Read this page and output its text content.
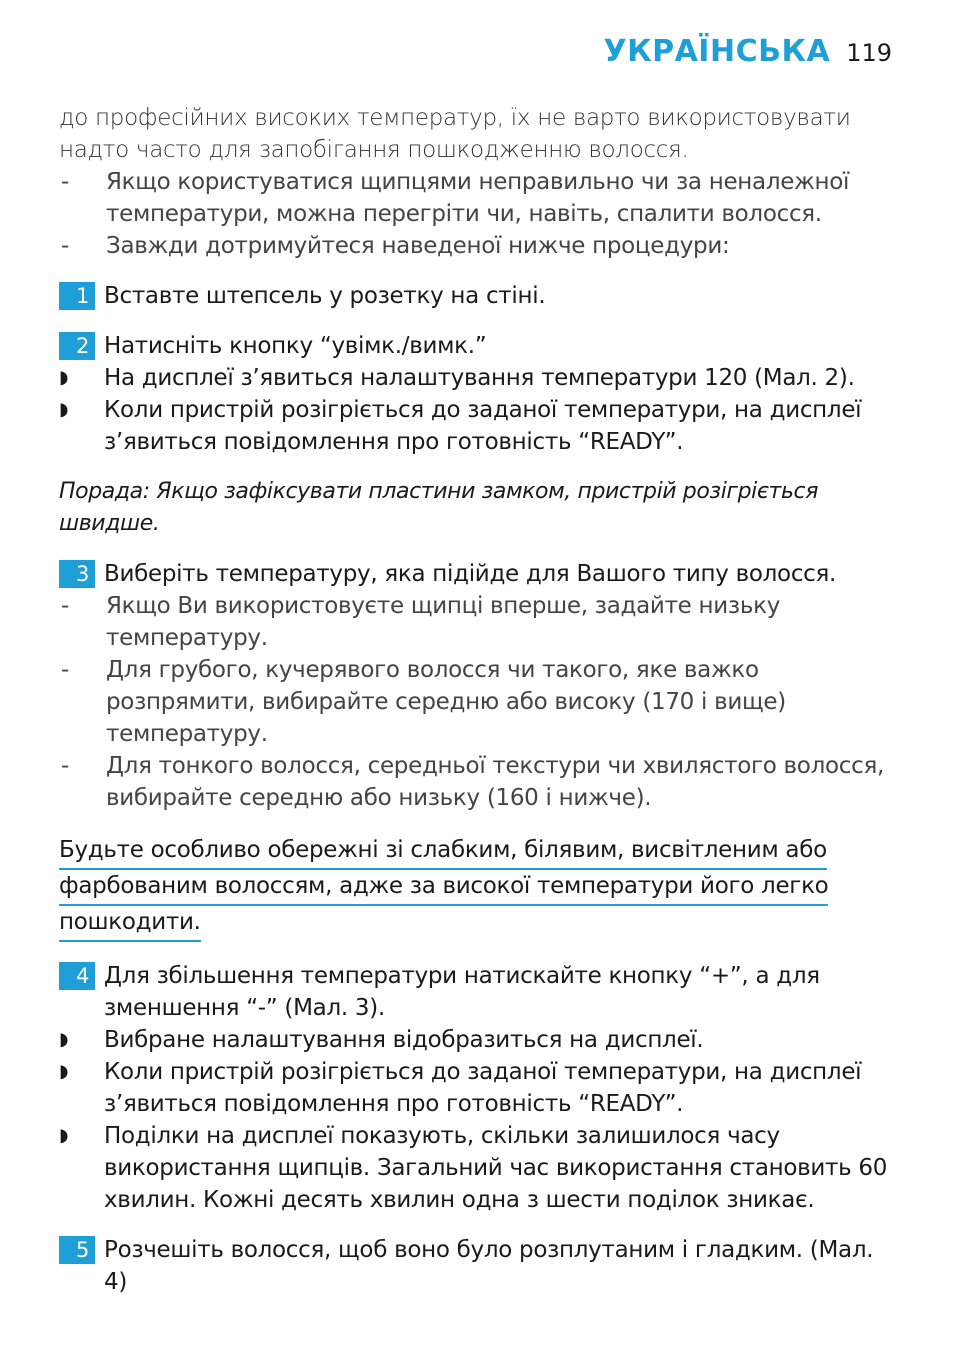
УКРАЇНСЬКА 119
до професійних високих температур, їх не варто використовувати надто часто для запобігання пошкодженню волосся.
-	Якщо користуватися щипцями неправильно чи за неналежної температури, можна перегріти чи, навіть, спалити волосся.
-	Завжди дотримуйтеся наведеної нижче процедури:
1 Вставте штепсель у розетку на стіні.
2 Натисніть кнопку “увімк./вимк.”
◗	На дисплеї з’явиться налаштування температури 120 (Мал. 2).
◗	Коли пристрій розігріється до заданої температури, на дисплеї з’явиться повідомлення про готовність “READY”.
Порада: Якщо зафіксувати пластини замком, пристрій розігріється швидше.
3 Виберіть температуру, яка підійде для Вашого типу волосся.
-	Якщо Ви використовуєте щипці вперше, задайте низьку температуру.
-	Для грубого, кучерявого волосся чи такого, яке важко розпрямити, вибирайте середню або високу (170 і вище) температуру.
-	Для тонкого волосся, середньої текстури чи хвилястого волосся, вибирайте середню або низьку (160 і нижче).
Будьте особливо обережні зі слабким, білявим, висвітленим або
фарбованим волоссям, адже за високої температури його легко
пошкодити.
4 Для збільшення температури натискайте кнопку “+”, а для зменшення “-” (Мал. 3).
◗	Вибране налаштування відобразиться на дисплеї.
◗	Коли пристрій розігріється до заданої температури, на дисплеї з’явиться повідомлення про готовність “READY”.
◗	Поділки на дисплеї показують, скільки залишилося часу використання щипців. Загальний час використання становить 60 хвилин. Кожні десять хвилин одна з шести поділок зникає.
5 Розчешіть волосся, щоб воно було розплутаним і гладким. (Мал. 4)
